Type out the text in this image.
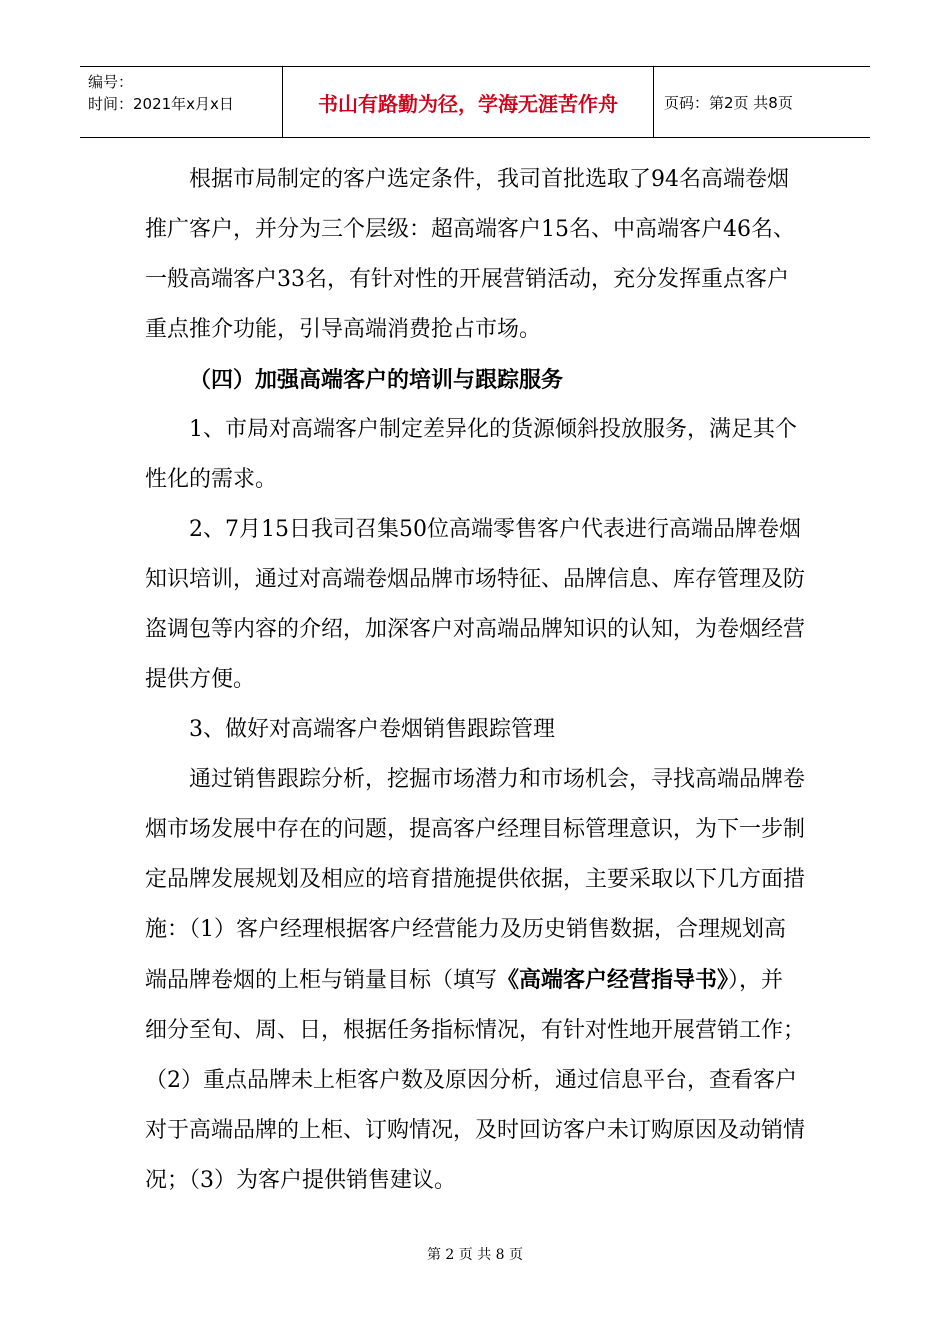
编号：
时间：2021年x月x日	书山有路勤为径，学海无涯苦作舟	页码：第2页 共8页

根据市局制定的客户选定条件，我司首批选取了94名高端卷烟推广客户，并分为三个层级：超高端客户15名、中高端客户46名、一般高端客户33名，有针对性的开展营销活动，充分发挥重点客户重点推介功能，引导高端消费抢占市场。

（四）加强高端客户的培训与跟踪服务

1、市局对高端客户制定差异化的货源倾斜投放服务，满足其个性化的需求。

2、7月15日我司召集50位高端零售客户代表进行高端品牌卷烟知识培训，通过对高端卷烟品牌市场特征、品牌信息、库存管理及防盗调包等内容的介绍，加深客户对高端品牌知识的认知，为卷烟经营提供方便。

3、做好对高端客户卷烟销售跟踪管理

通过销售跟踪分析，挖掘市场潜力和市场机会，寻找高端品牌卷烟市场发展中存在的问题，提高客户经理目标管理意识，为下一步制定品牌发展规划及相应的培育措施提供依据，主要采取以下几方面措施：（1）客户经理根据客户经营能力及历史销售数据，合理规划高端品牌卷烟的上柜与销量目标（填写《高端客户经营指导书》），并细分至旬、周、日，根据任务指标情况，有针对性地开展营销工作；（2）重点品牌未上柜客户数及原因分析，通过信息平台，查看客户对于高端品牌的上柜、订购情况，及时回访客户未订购原因及动销情况；（3）为客户提供销售建议。

第 2 页 共 8 页
